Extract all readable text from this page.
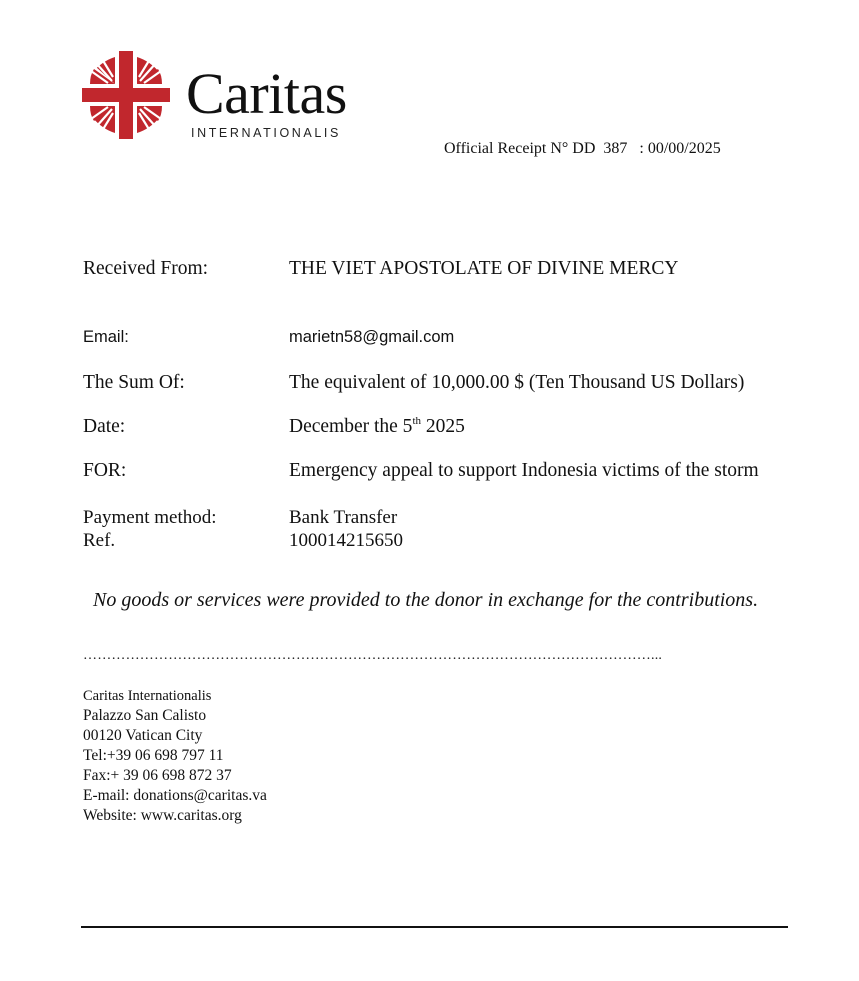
Caritas
INTERNATIONALIS
Official Receipt N° DD  387   : 00/00/2025
Received From:	THE VIET APOSTOLATE OF DIVINE MERCY
Email:	marietn58@gmail.com
The Sum Of:	The equivalent of 10,000.00 $ (Ten Thousand US Dollars)
Date:	December the 5th 2025
FOR:	Emergency appeal to support Indonesia victims of the storm
Payment method:	Bank Transfer
Ref.	100014215650
No goods or services were provided to the donor in exchange for the contributions.
…………………………………………………………………………………………………………...
Caritas Internationalis
Palazzo San Calisto
00120 Vatican City
Tel:+39 06 698 797 11
Fax:+ 39 06 698 872 37
E-mail: donations@caritas.va
Website: www.caritas.org
